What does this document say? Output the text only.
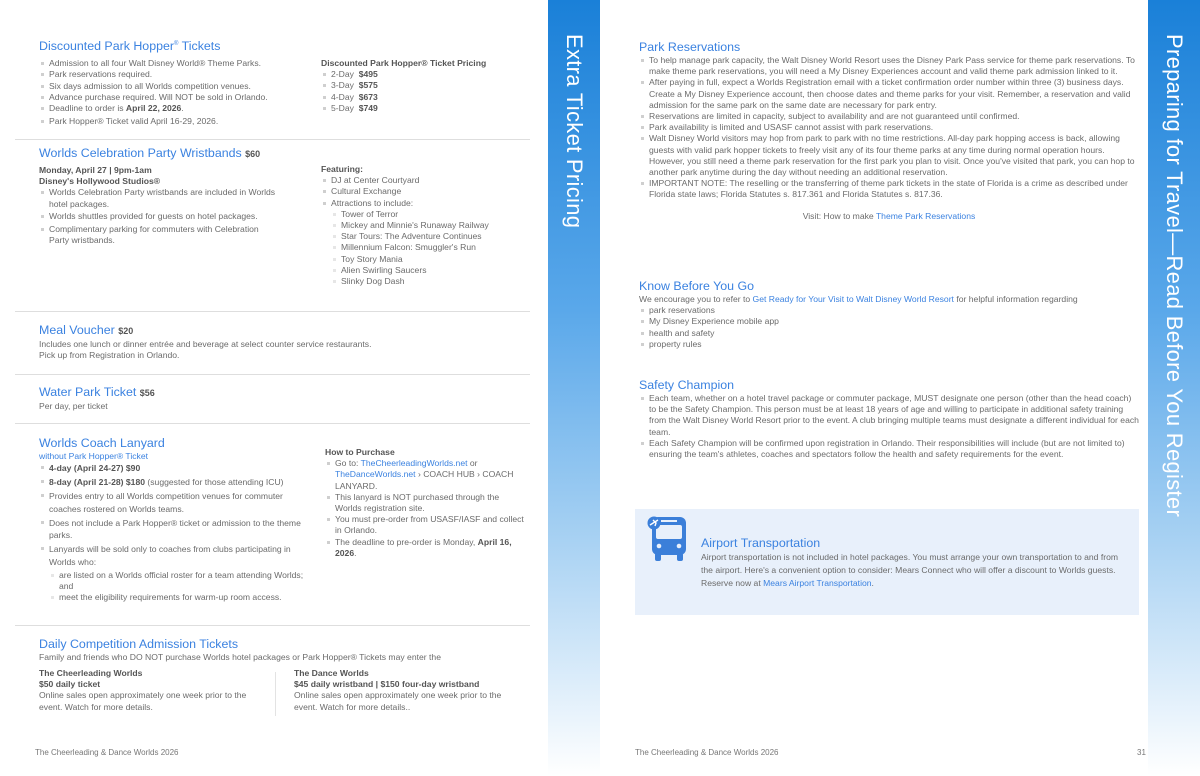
Discounted Park Hopper® Tickets
Admission to all four Walt Disney World® Theme Parks.
Park reservations required.
Six days admission to all Worlds competition venues.
Advance purchase required. Will NOT be sold in Orlando.
Deadline to order is April 22, 2026.
Park Hopper® Ticket valid April 16-29, 2026.
Discounted Park Hopper® Ticket Pricing
2-Day $495
3-Day $575
4-Day $673
5-Day $749
Worlds Celebration Party Wristbands $60
Monday, April 27 | 9pm-1am
Disney's Hollywood Studios®
Worlds Celebration Party wristbands are included in Worlds hotel packages.
Worlds shuttles provided for guests on hotel packages.
Complimentary parking for commuters with Celebration Party wristbands.
Featuring:
DJ at Center Courtyard
Cultural Exchange
Attractions to include:
Tower of Terror
Mickey and Minnie's Runaway Railway
Star Tours: The Adventure Continues
Millennium Falcon: Smuggler's Run
Toy Story Mania
Alien Swirling Saucers
Slinky Dog Dash
Meal Voucher $20
Includes one lunch or dinner entrée and beverage at select counter service restaurants.
Pick up from Registration in Orlando.
Water Park Ticket $56
Per day, per ticket
Worlds Coach Lanyard
without Park Hopper® Ticket
4-day (April 24-27) $90
8-day (April 21-28) $180 (suggested for those attending ICU)
Provides entry to all Worlds competition venues for commuter coaches rostered on Worlds teams.
Does not include a Park Hopper® ticket or admission to the theme parks.
Lanyards will be sold only to coaches from clubs participating in Worlds who:
are listed on a Worlds official roster for a team attending Worlds; and
meet the eligibility requirements for warm-up room access.
How to Purchase
Go to: TheCheerleadingWorlds.net or TheDanceWorlds.net › COACH HUB › COACH LANYARD.
This lanyard is NOT purchased through the Worlds registration site.
You must pre-order from USASF/IASF and collect in Orlando.
The deadline to pre-order is Monday, April 16, 2026.
Daily Competition Admission Tickets
Family and friends who DO NOT purchase Worlds hotel packages or Park Hopper® Tickets may enter the
The Cheerleading Worlds
$50 daily ticket
Online sales open approximately one week prior to the event. Watch for more details.
The Dance Worlds
$45 daily wristband | $150 four-day wristband
Online sales open approximately one week prior to the event. Watch for more details..
The Cheerleading & Dance Worlds 2026
Extra Ticket Pricing	Park Reservations
To help manage park capacity, the Walt Disney World Resort uses the Disney Park Pass service for theme park reservations. To make theme park reservations, you will need a My Disney Experiences account and valid theme park admission linked to it.
After paying in full, expect a Worlds Registration email with a ticket confirmation order number within three (3) business days. Create a My Disney Experience account, then choose dates and theme parks for your visit. Remember, a reservation and valid admission for the same park on the same date are necessary for park entry.
Reservations are limited in capacity, subject to availability and are not guaranteed until confirmed.
Park availability is limited and USASF cannot assist with park reservations.
Walt Disney World visitors may hop from park to park with no time restrictions. All-day park hopping access is back, allowing guests with valid park hopper tickets to freely visit any of its four theme parks at any time during normal operation hours. However, you still need a theme park reservation for the first park you plan to visit. Once you've visited that park, you can hop to another park anytime during the day without needing an additional reservation.
IMPORTANT NOTE: The reselling or the transferring of theme park tickets in the state of Florida is a crime as described under Florida state laws; Florida Statutes s. 817.361 and Florida Statutes s. 817.36.
Visit: How to make Theme Park Reservations
Know Before You Go
We encourage you to refer to Get Ready for Your Visit to Walt Disney World Resort for helpful information regarding
park reservations
My Disney Experience mobile app
health and safety
property rules
Safety Champion
Each team, whether on a hotel travel package or commuter package, MUST designate one person (other than the head coach) to be the Safety Champion. This person must be at least 18 years of age and willing to participate in additional safety training from the Walt Disney World Resort prior to the event. A club bringing multiple teams must designate a different individual for each team.
Each Safety Champion will be confirmed upon registration in Orlando. Their responsibilities will include (but are not limited to) ensuring the team's athletes, coaches and spectators follow the health and safety requirements for the event.
Airport Transportation
Airport transportation is not included in hotel packages. You must arrange your own transportation to and from the airport. Here's a convenient option to consider: Mears Connect who will offer a discount to Worlds guests. Reserve now at Mears Airport Transportation.
The Cheerleading & Dance Worlds 2026	31
Preparing for Travel—Read Before You Register
